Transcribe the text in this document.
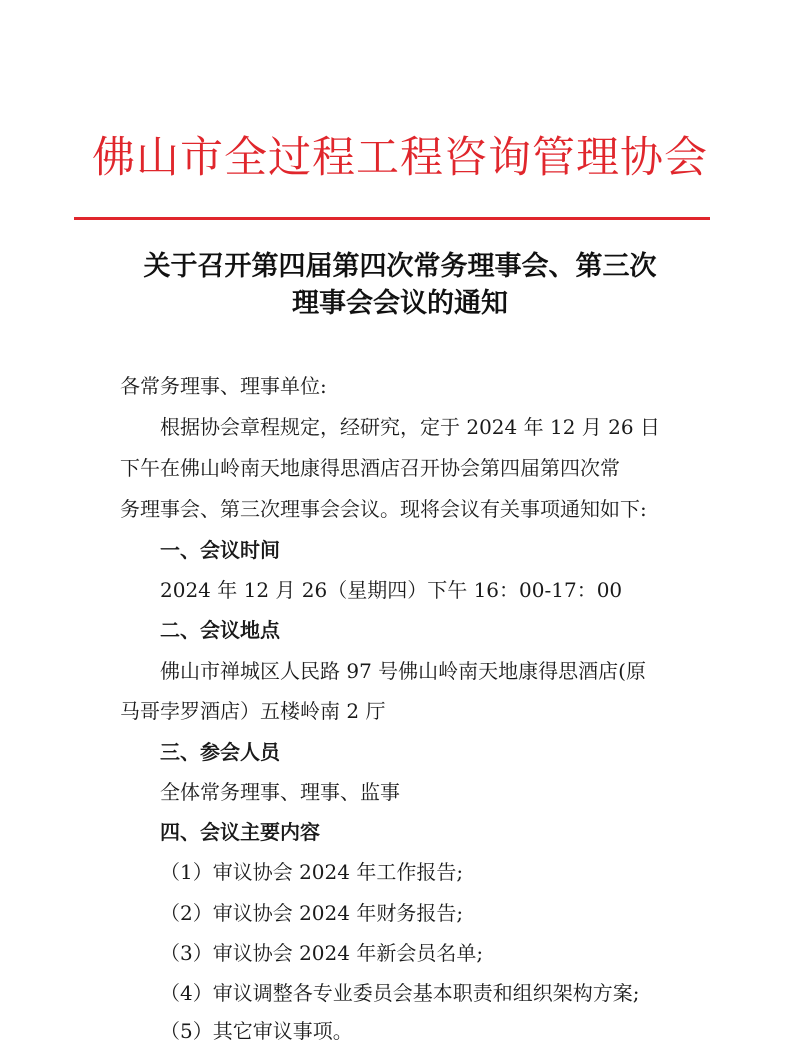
佛山市全过程工程咨询管理协会
关于召开第四届第四次常务理事会、第三次
理事会会议的通知
各常务理事、理事单位:
根据协会章程规定，经研究，定于 2024 年 12 月 26 日
下午在佛山岭南天地康得思酒店召开协会第四届第四次常
务理事会、第三次理事会会议。现将会议有关事项通知如下:
一、会议时间
2024 年 12 月 26（星期四）下午 16：00-17：00
二、会议地点
佛山市禅城区人民路 97 号佛山岭南天地康得思酒店(原
马哥孛罗酒店）五楼岭南 2 厅
三、参会人员
全体常务理事、理事、监事
四、会议主要内容
（1）审议协会 2024 年工作报告;
（2）审议协会 2024 年财务报告;
（3）审议协会 2024 年新会员名单;
（4）审议调整各专业委员会基本职责和组织架构方案;
（5）其它审议事项。
